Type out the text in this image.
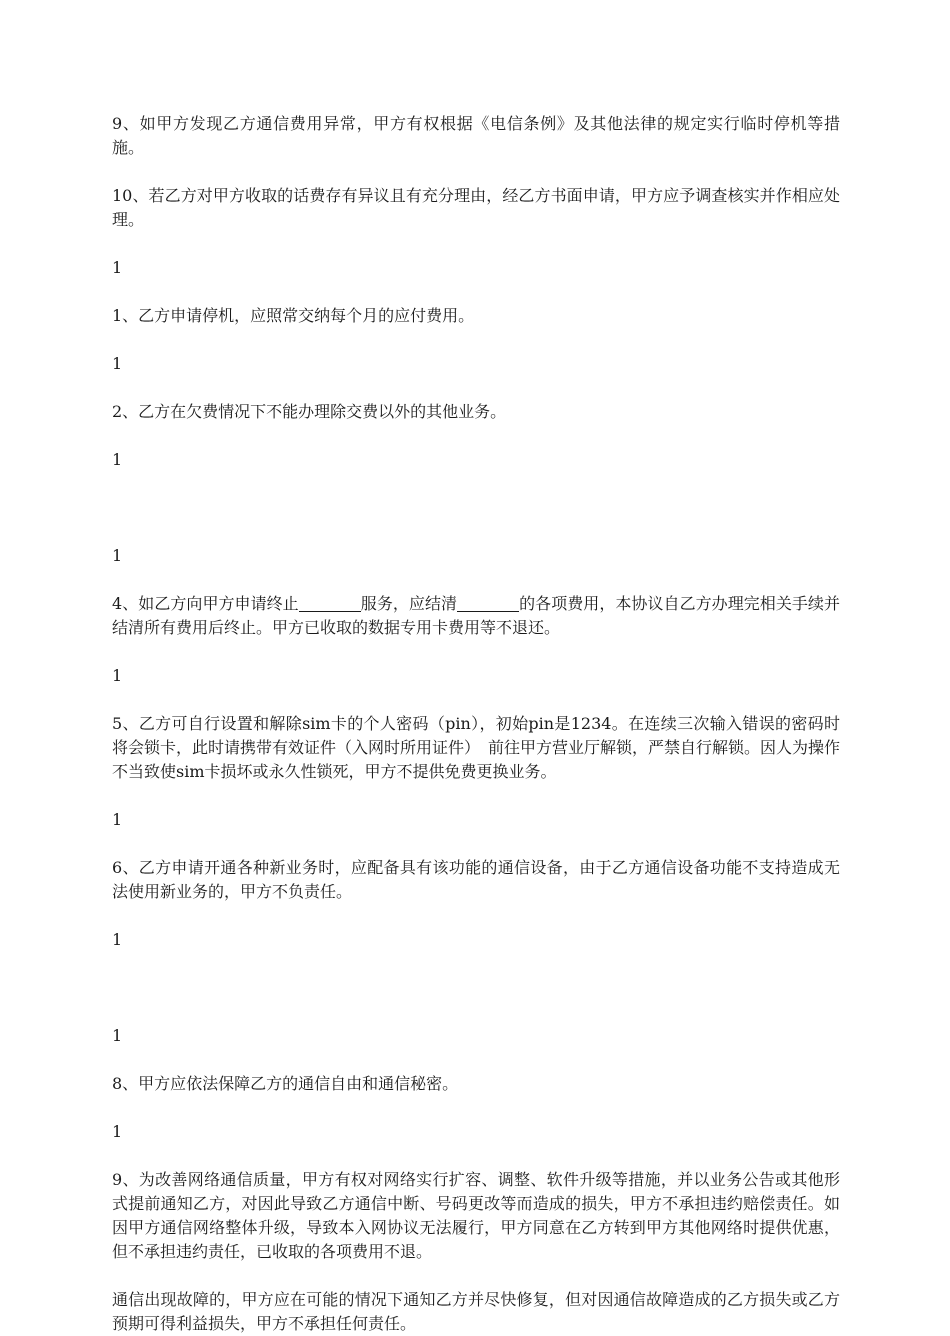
9、如甲方发现乙方通信费用异常，甲方有权根据《电信条例》及其他法律的规定实行临时停机等措施。

10、若乙方对甲方收取的话费存有异议且有充分理由，经乙方书面申请，甲方应予调查核实并作相应处理。

1

1、乙方申请停机，应照常交纳每个月的应付费用。

1

2、乙方在欠费情况下不能办理除交费以外的其他业务。

1

1

4、如乙方向甲方申请终止	服务，应结清	的各项费用，本协议自乙方办理完相关手续并结清所有费用后终止。甲方已收取的数据专用卡费用等不退还。

1

5、乙方可自行设置和解除sim卡的个人密码（pin），初始pin是1234。在连续三次输入错误的密码时将会锁卡，此时请携带有效证件（入网时所用证件）　前往甲方营业厅解锁，严禁自行解锁。因人为操作不当致使sim卡损坏或永久性锁死，甲方不提供免费更换业务。

1

6、乙方申请开通各种新业务时，应配备具有该功能的通信设备，由于乙方通信设备功能不支持造成无法使用新业务的，甲方不负责任。

1

1

8、甲方应依法保障乙方的通信自由和通信秘密。

1

9、为改善网络通信质量，甲方有权对网络实行扩容、调整、软件升级等措施，并以业务公告或其他形式提前通知乙方，对因此导致乙方通信中断、号码更改等而造成的损失，甲方不承担违约赔偿责任。如因甲方通信网络整体升级，导致本入网协议无法履行，甲方同意在乙方转到甲方其他网络时提供优惠，但不承担违约责任，已收取的各项费用不退。

通信出现故障的，甲方应在可能的情况下通知乙方并尽快修复，但对因通信故障造成的乙方损失或乙方预期可得利益损失，甲方不承担任何责任。
